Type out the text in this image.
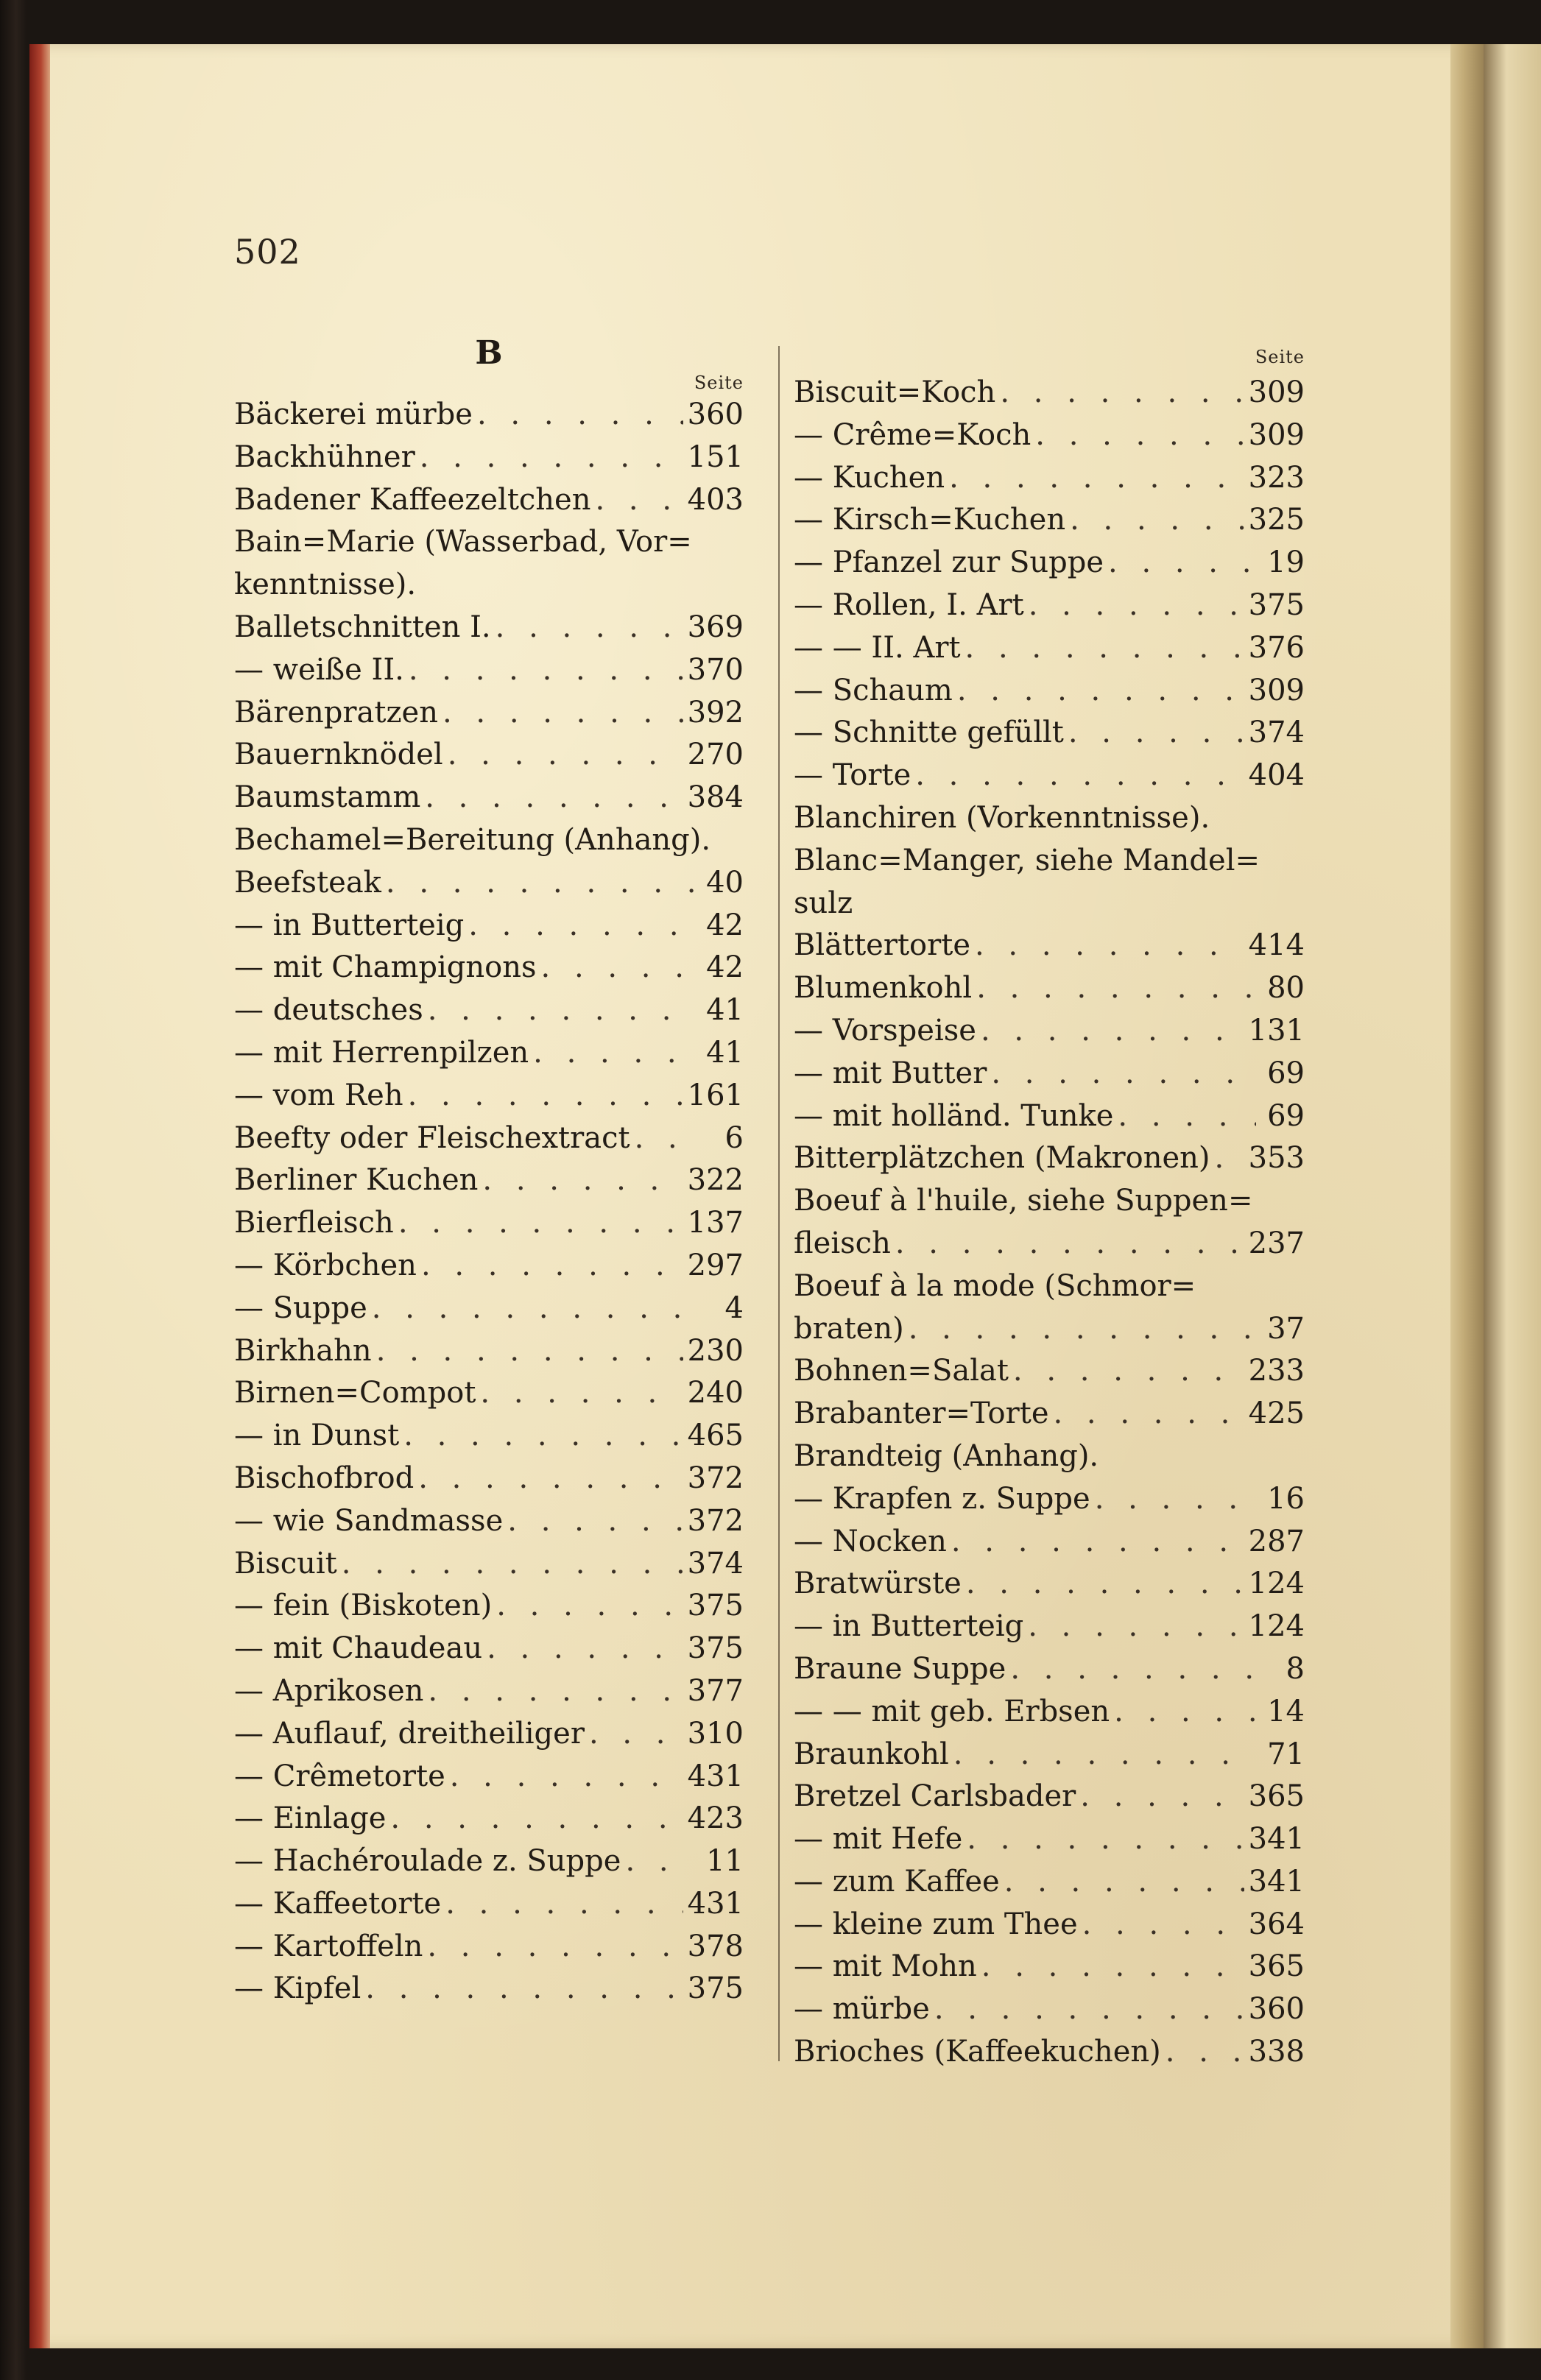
502
B
Seite
Bäckerei mürbe . . .	360
Backhühner . . .	151
Badener Kaffeezeltchen . . .	403
Bain=Marie (Wasserbad, Vor=
kenntnisse).
Balletschnitten I. . . .	369
— weiße II. . . .	370
Bärenpratzen . . .	392
Bauernknödel . . .	270
Baumstamm . . .	384
Bechamel=Bereitung (Anhang).
Beefsteak . . .	40
— in Butterteig . . .	42
— mit Champignons . . .	42
— deutsches . . .	41
— mit Herrenpilzen . . .	41
— vom Reh . . .	161
Beefty oder Fleischextract . . .	6
Berliner Kuchen . . .	322
Bierfleisch . . .	137
— Körbchen . . .	297
— Suppe . . .	4
Birkhahn . . .	230
Birnen=Compot . . .	240
— in Dunst . . .	465
Bischofbrod . . .	372
— wie Sandmasse . . .	372
Biscuit . . .	374
— fein (Biskoten) . . .	375
— mit Chaudeau . . .	375
— Aprikosen . . .	377
— Auflauf, dreitheiliger . . .	310
— Crêmetorte . . .	431
— Einlage . . .	423
— Hachéroulade z. Suppe . . .	11
— Kaffeetorte . . .	431
— Kartoffeln . . .	378
— Kipfel . . .	375
Seite
Biscuit=Koch . . .	309
— Crême=Koch . . .	309
— Kuchen . . .	323
— Kirsch=Kuchen . . .	325
— Pfanzel zur Suppe . . .	19
— Rollen, I. Art . . .	375
— — II. Art . . .	376
— Schaum . . .	309
— Schnitte gefüllt . . .	374
— Torte . . .	404
Blanchiren (Vorkenntnisse).
Blanc=Manger, siehe Mandel=
sulz
Blättertorte . . .	414
Blumenkohl . . .	80
— Vorspeise . . .	131
— mit Butter . . .	69
— mit holländ. Tunke . . .	69
Bitterplätzchen (Makronen) . . . 353
Boeuf à l'huile, siehe Suppen=
fleisch . . .	237
Boeuf à la mode (Schmor=
braten) . . .	37
Bohnen=Salat . . .	233
Brabanter=Torte . . .	425
Brandteig (Anhang).
— Krapfen z. Suppe . . .	16
— Nocken . . .	287
Bratwürste . . .	124
— in Butterteig . . .	124
Braune Suppe . . .	8
— — mit geb. Erbsen . . .	14
Braunkohl . . .	71
Bretzel Carlsbader . . .	365
— mit Hefe . . .	341
— zum Kaffee . . .	341
— kleine zum Thee . . .	364
— mit Mohn . . .	365
— mürbe . . .	360
Brioches (Kaffeekuchen) . . .	338
